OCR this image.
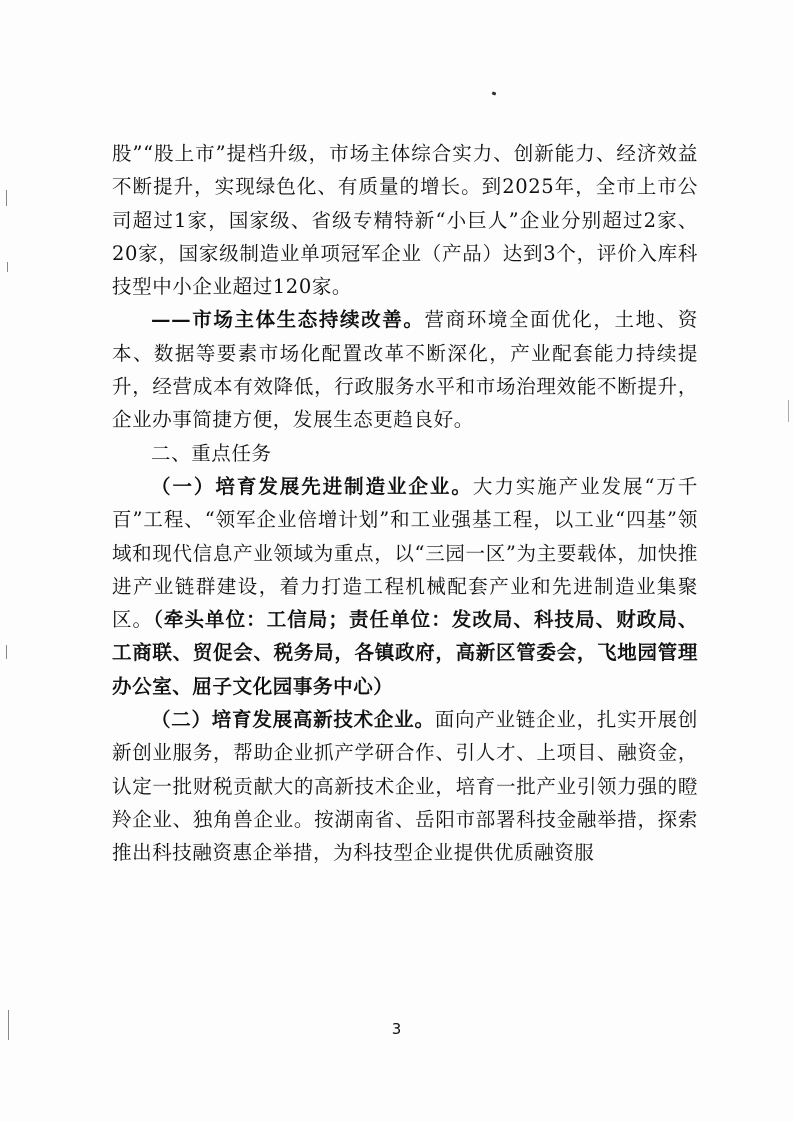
股”“股上市”提档升级，市场主体综合实力、创新能力、经济效益不断提升，实现绿色化、有质量的增长。到2025年，全市上市公司超过1家，国家级、省级专精特新“小巨人”企业分别超过2家、20家，国家级制造业单项冠军企业（产品）达到3个，评价入库科技型中小企业超过120家。

——市场主体生态持续改善。营商环境全面优化，土地、资本、数据等要素市场化配置改革不断深化，产业配套能力持续提升，经营成本有效降低，行政服务水平和市场治理效能不断提升，企业办事简捷方便，发展生态更趋良好。

二、重点任务

（一）培育发展先进制造业企业。大力实施产业发展“万千百”工程、“领军企业倍增计划”和工业强基工程，以工业“四基”领域和现代信息产业领域为重点，以“三园一区”为主要载体，加快推进产业链群建设，着力打造工程机械配套产业和先进制造业集聚区。（牵头单位：工信局；责任单位：发改局、科技局、财政局、工商联、贸促会、税务局，各镇政府，高新区管委会，飞地园管理办公室、屈子文化园事务中心）

（二）培育发展高新技术企业。面向产业链企业，扎实开展创新创业服务，帮助企业抓产学研合作、引人才、上项目、融资金，认定一批财税贡献大的高新技术企业，培育一批产业引领力强的瞪羚企业、独角兽企业。按湖南省、岳阳市部署科技金融举措，探索推出科技融资惠企举措，为科技型企业提供优质融资服

3
